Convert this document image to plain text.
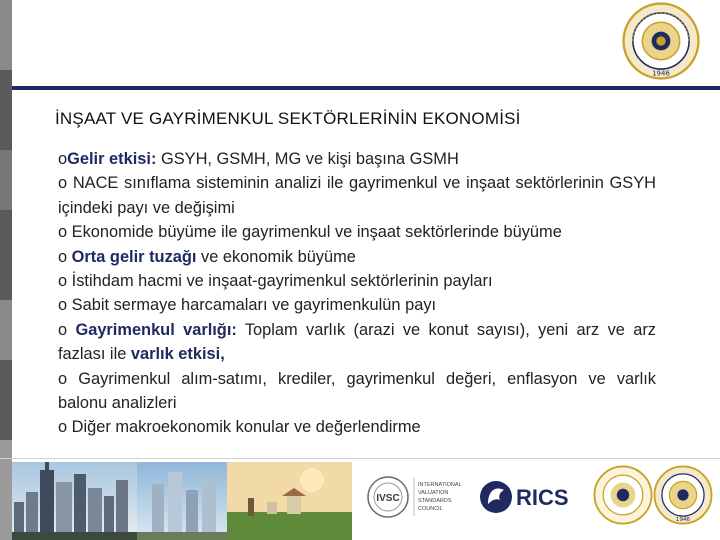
1946
İNŞAAT VE GAYRİMENKUL SEKTÖRLERİNİN EKONOMİSİ

oGelir etkisi: GSYH, GSMH, MG ve kişi başına GSMH

o NACE sınıflama sisteminin analizi ile gayrimenkul ve inşaat sektörlerinin GSYH içindeki payı ve değişimi

o Ekonomide büyüme ile gayrimenkul ve inşaat sektörlerinde büyüme

o Orta gelir tuzağı ve ekonomik büyüme

o İstihdam hacmi ve inşaat-gayrimenkul sektörlerinin payları

o Sabit sermaye harcamaları ve gayrimenkulün payı

o Gayrimenkul varlığı: Toplam varlık (arazi ve konut sayısı), yeni arz ve arz fazlası ile varlık etkisi,

o Gayrimenkul alım-satımı, krediler, gayrimenkul değeri, enflasyon ve varlık balonu analizleri

o Diğer makroekonomik konular ve değerlendirme

IVSC
INTERNATIONAL
VALUATION
STANDARDS
COUNCIL	RICS
1946
